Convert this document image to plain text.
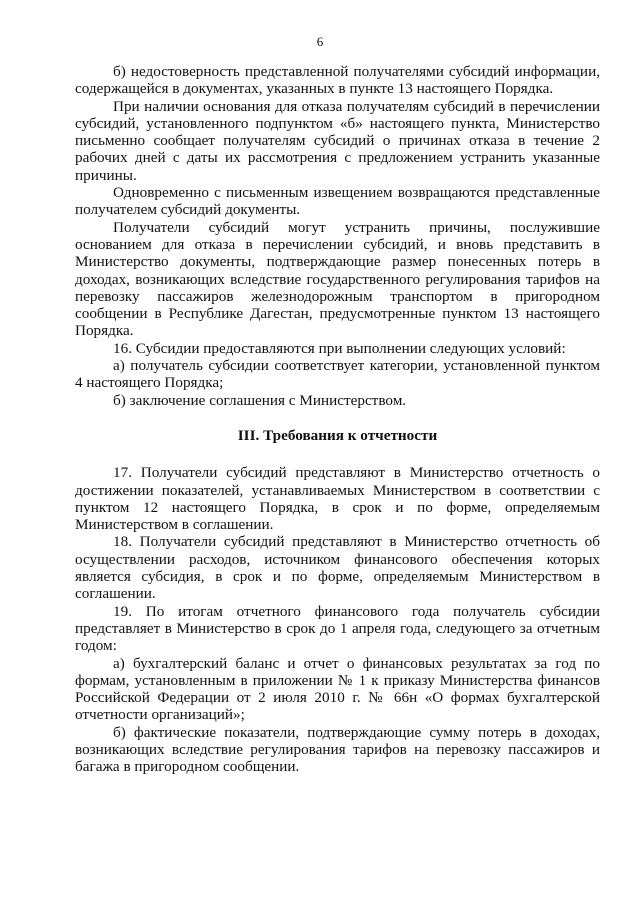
6

б) недостоверность представленной получателями субсидий информации, содержащейся в документах, указанных в пункте 13 настоящего Порядка.

При наличии основания для отказа получателям субсидий в перечислении субсидий, установленного подпунктом «б» настоящего пункта, Министерство письменно сообщает получателям субсидий о причинах отказа в течение 2 рабочих дней с даты их рассмотрения с предложением устранить указанные причины.

Одновременно с письменным извещением возвращаются представленные получателем субсидий документы.

Получатели субсидий могут устранить причины, послужившие основанием для отказа в перечислении субсидий, и вновь представить в Министерство документы, подтверждающие размер понесенных потерь в доходах, возникающих вследствие государственного регулирования тарифов на перевозку пассажиров железнодорожным транспортом в пригородном сообщении в Республике Дагестан, предусмотренные пунктом 13 настоящего Порядка.

16. Субсидии предоставляются при выполнении следующих условий:

а) получатель субсидии соответствует категории, установленной пунктом 4 настоящего Порядка;

б) заключение соглашения с Министерством.

III. Требования к отчетности

17. Получатели субсидий представляют в Министерство отчетность о достижении показателей, устанавливаемых Министерством в соответствии с пунктом 12 настоящего Порядка, в срок и по форме, определяемым Министерством в соглашении.

18. Получатели субсидий представляют в Министерство отчетность об осуществлении расходов, источником финансового обеспечения которых является субсидия, в срок и по форме, определяемым Министерством в соглашении.

19. По итогам отчетного финансового года получатель субсидии представляет в Министерство в срок до 1 апреля года, следующего за отчетным годом:

а) бухгалтерский баланс и отчет о финансовых результатах за год по формам, установленным в приложении № 1 к приказу Министерства финансов Российской Федерации от 2 июля 2010 г. № 66н «О формах бухгалтерской отчетности организаций»;

б) фактические показатели, подтверждающие сумму потерь в доходах, возникающих вследствие регулирования тарифов на перевозку пассажиров и багажа в пригородном сообщении.
